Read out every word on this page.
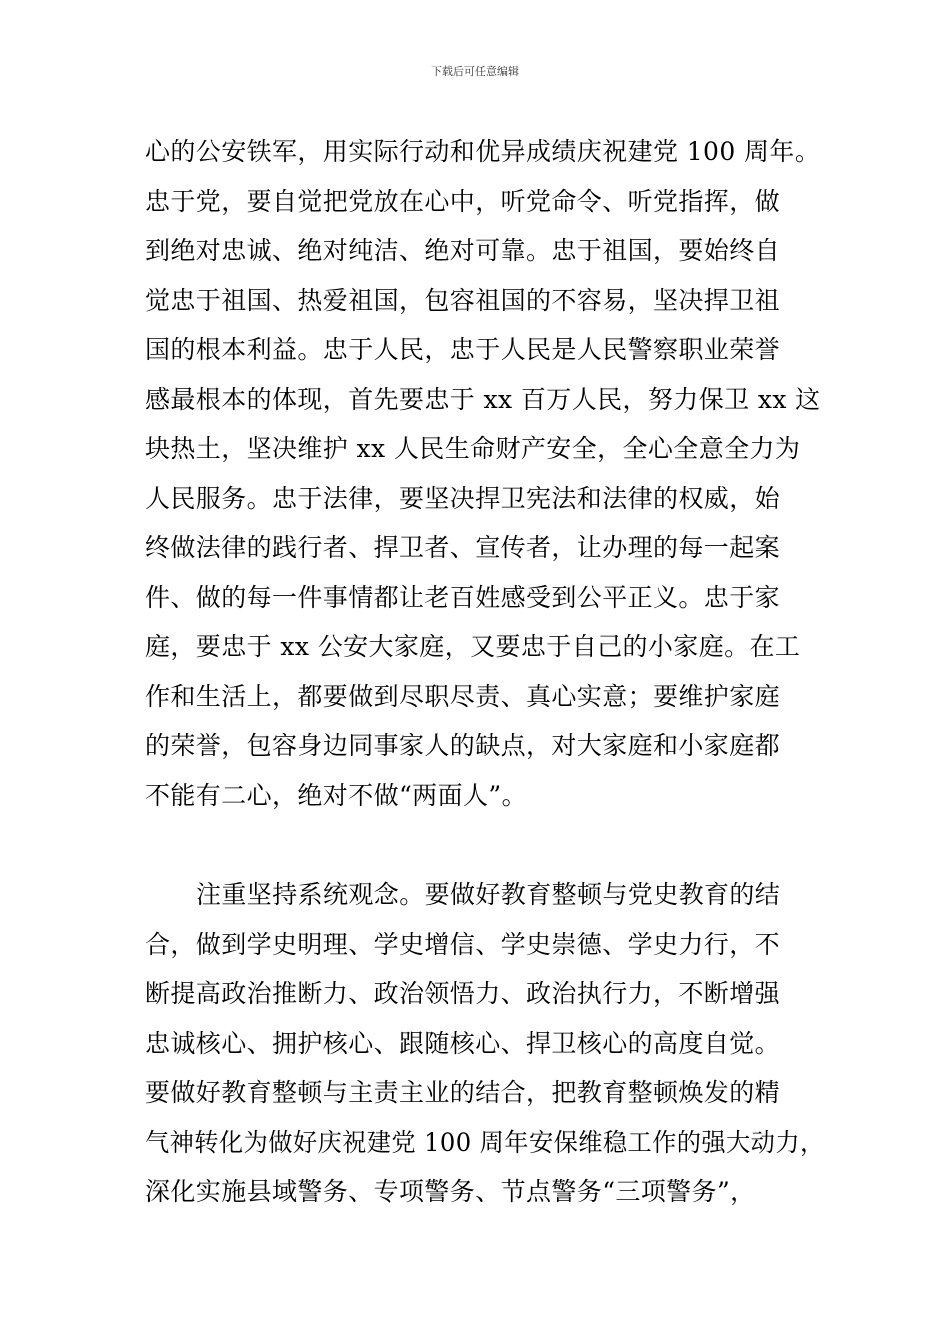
下载后可任意编辑
心的公安铁军，用实际行动和优异成绩庆祝建党 100 周年。
忠于党，要自觉把党放在心中，听党命令、听党指挥，做
到绝对忠诚、绝对纯洁、绝对可靠。忠于祖国，要始终自
觉忠于祖国、热爱祖国，包容祖国的不容易，坚决捍卫祖
国的根本利益。忠于人民，忠于人民是人民警察职业荣誉
感最根本的体现，首先要忠于 xx 百万人民，努力保卫 xx 这
块热土，坚决维护 xx 人民生命财产安全，全心全意全力为
人民服务。忠于法律，要坚决捍卫宪法和法律的权威，始
终做法律的践行者、捍卫者、宣传者，让办理的每一起案
件、做的每一件事情都让老百姓感受到公平正义。忠于家
庭，要忠于 xx 公安大家庭，又要忠于自己的小家庭。在工
作和生活上，都要做到尽职尽责、真心实意；要维护家庭
的荣誉，包容身边同事家人的缺点，对大家庭和小家庭都
不能有二心，绝对不做“两面人”。
注重坚持系统观念。要做好教育整顿与党史教育的结
合，做到学史明理、学史增信、学史崇德、学史力行，不
断提高政治推断力、政治领悟力、政治执行力，不断增强
忠诚核心、拥护核心、跟随核心、捍卫核心的高度自觉。
要做好教育整顿与主责主业的结合，把教育整顿焕发的精
气神转化为做好庆祝建党 100 周年安保维稳工作的强大动力，
深化实施县域警务、专项警务、节点警务“三项警务”，
